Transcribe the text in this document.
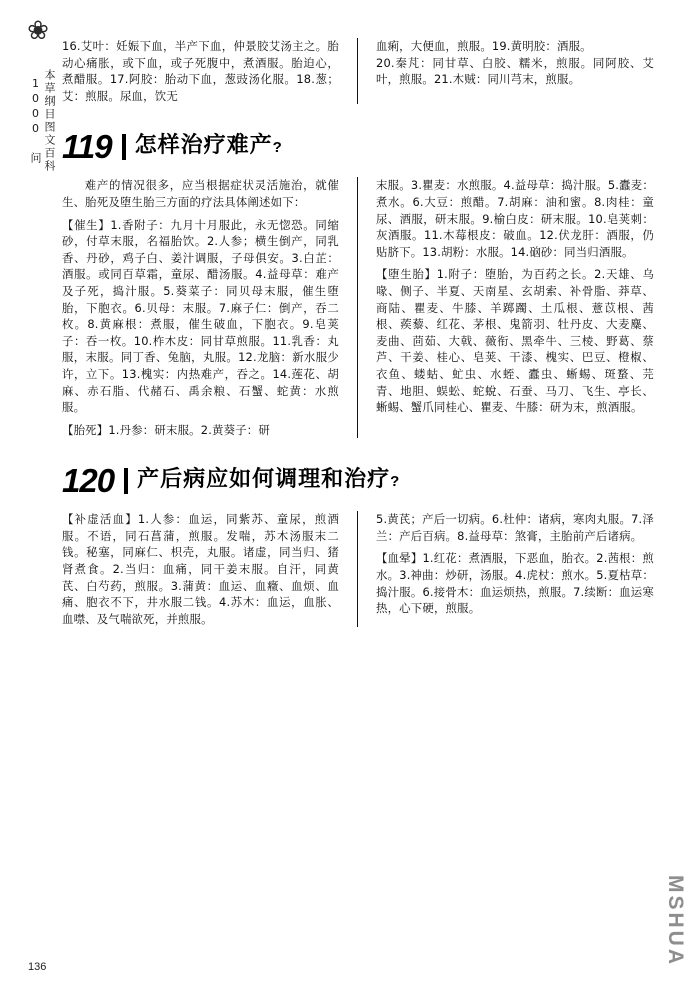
❀
本草纲目图文百科 1000 问
MSHUA
136

16.艾叶：妊娠下血，半产下血，仲景胶艾汤主之。胎动心痛胀，或下血，或子死腹中，煮酒服。胎迫心，煮醋服。17.阿胶：胎动下血，葱豉汤化服。18.葱；艾：煎服。尿血，饮无

血痢，大便血，煎服。19.黄明胶：酒服。

20.秦芃：同甘草、白胶、糯米，煎服。同阿胶、艾叶，煎服。21.木贼：同川芎末，煎服。

119 怎样治疗难产?

难产的情况很多，应当根据症状灵活施治，就催生、胎死及堕生胎三方面的疗法具体阐述如下：

【催生】1.香附子：九月十月服此，永无惚恐。同缩砂，付草末服，名福胎饮。2.人参；横生倒产，同乳香、丹砂，鸡子白、姜汁调服，子母俱安。3.白芷：酒服。或同百草霜，童尿、醋汤服。4.益母草：难产及子死，捣汁服。5.葵菜子：同贝母末服，催生堕胎，下胞衣。6.贝母：末服。7.麻子仁：倒产，吞二枚。8.黄麻根：煮服，催生破血，下胞衣。9.皂荚子：吞一枚。10.柞木皮：同甘草煎服。11.乳香：丸服，末服。同丁香、兔脑，丸服。12.龙脑：新水服少许，立下。13.槐实：内热难产，吞之。14.莲花、胡麻、赤石脂、代赭石、禹余粮、石蟹、蛇黄：水煎服。

【胎死】1.丹参：研末服。2.黄葵子：研

末服。3.瞿麦：水煎服。4.益母草：捣汁服。5.蠹麦：煮水。6.大豆：煎醋。7.胡麻：油和蜜。8.肉桂：童尿、酒服，研末服。9.榆白皮：研末服。10.皂荚刺：灰酒服。11.木莓根皮：破血。12.伏龙肝：酒服，仍贴脐下。13.胡粉：水服。14.硇砂：同当归酒服。

【堕生胎】1.附子：堕胎，为百药之长。2.天雄、乌喙、侧子、半夏、天南星、玄胡索、补骨脂、莽草、商陆、瞿麦、牛膝、羊踯躅、土瓜根、薏苡根、茜根、蒺藜、红花、茅根、鬼箭羽、牡丹皮、大麦麋、麦曲、茴茹、大戟、薇衔、黑牵牛、三棱、野葛、蔡芦、干姜、桂心、皂荚、干漆、槐实、巴豆、橙椒、衣鱼、蝼蛄、虻虫、水蛭、蠹虫、蜥蜴、斑蝥、芫青、地胆、蜈蚣、蛇蛻、石蚕、马刀、飞生、亭长、蜥蜴、蟹爪同桂心、瞿麦、牛膝：研为末，煎酒服。

120 产后病应如何调理和治疗?

【补虚活血】1.人参：血运，同紫苏、童尿，煎酒服。不语，同石菖蒲，煎服。发喘，苏木汤服末二钱。秘塞，同麻仁、枳壳，丸服。诸虚，同当归、猪肾煮食。2.当归：血痛，同干姜末服。自汗，同黄芪、白芍药，煎服。3.蒲黄：血运、血癥、血烦、血痛、胞衣不下，井水服二钱。4.苏木：血运，血胀、血噤、及气喘欲死，并煎服。

5.黄芪；产后一切病。6.杜仲：诸病，寒肉丸服。7.泽兰：产后百病。8.益母草：煞膏，主胎前产后诸病。

【血晕】1.红花：煮酒服，下恶血，胎衣。2.茜根：煎水。3.神曲：炒研，汤服。4.虎杖：煎水。5.夏枯草：捣汁服。6.接骨木：血运烦热，煎服。7.续断：血运寒热，心下硬，煎服。
